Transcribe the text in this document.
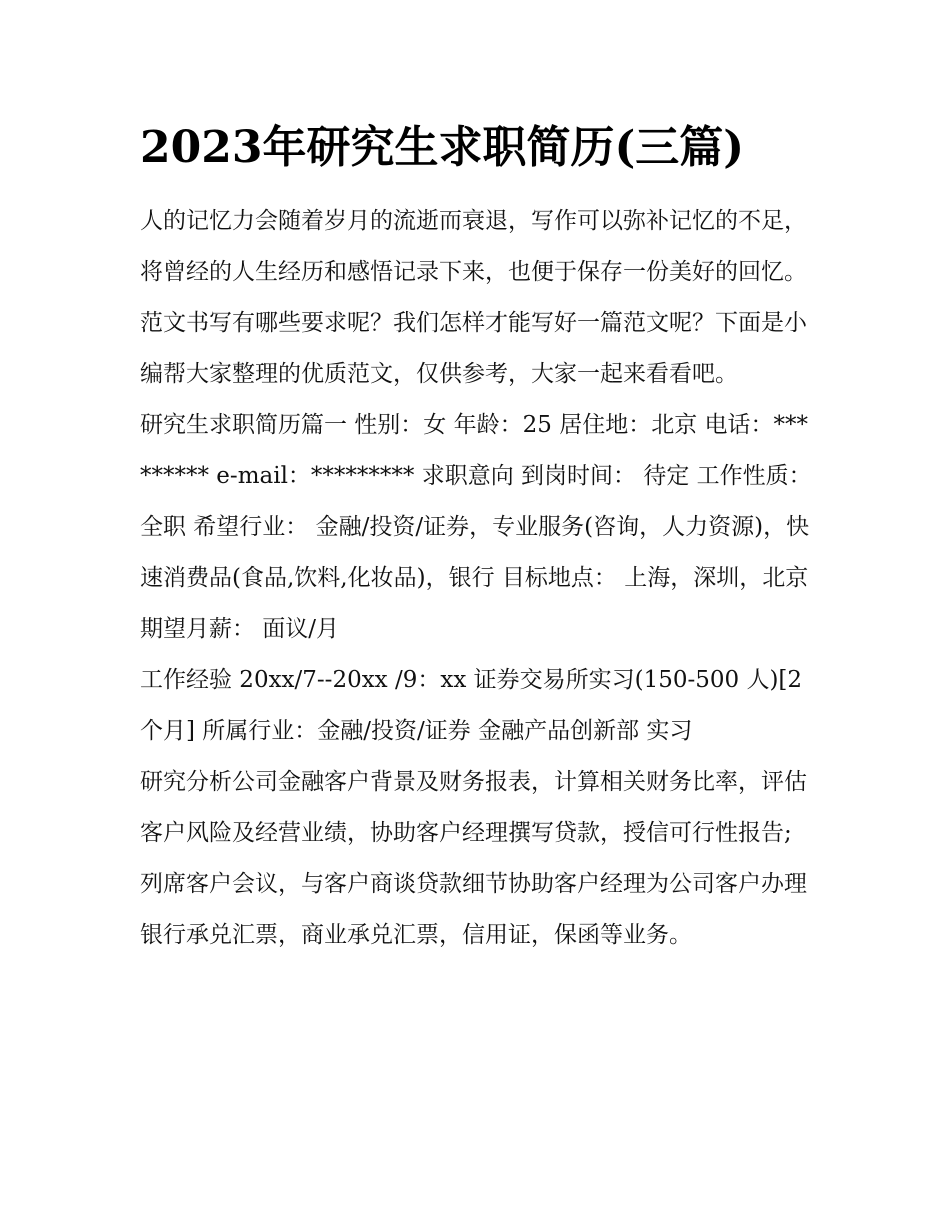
2023年研究生求职简历(三篇)

人的记忆力会随着岁月的流逝而衰退，写作可以弥补记忆的不足，将曾经的人生经历和感悟记录下来，也便于保存一份美好的回忆。范文书写有哪些要求呢？我们怎样才能写好一篇范文呢？下面是小编帮大家整理的优质范文，仅供参考，大家一起来看看吧。

研究生求职简历篇一 性别：女 年龄：25 居住地：北京 电话：********* e-mail：********* 求职意向 到岗时间： 待定 工作性质：

全职 希望行业： 金融/投资/证券，专业服务(咨询，人力资源)，快速消费品(食品,饮料,化妆品)，银行 目标地点： 上海，深圳，北京 期望月薪： 面议/月

工作经验 20xx/7--20xx /9：xx 证券交易所实习(150-500 人)[2 个月] 所属行业：金融/投资/证券 金融产品创新部 实习

研究分析公司金融客户背景及财务报表，计算相关财务比率，评估客户风险及经营业绩，协助客户经理撰写贷款，授信可行性报告;列席客户会议，与客户商谈贷款细节协助客户经理为公司客户办理银行承兑汇票，商业承兑汇票，信用证，保函等业务。
